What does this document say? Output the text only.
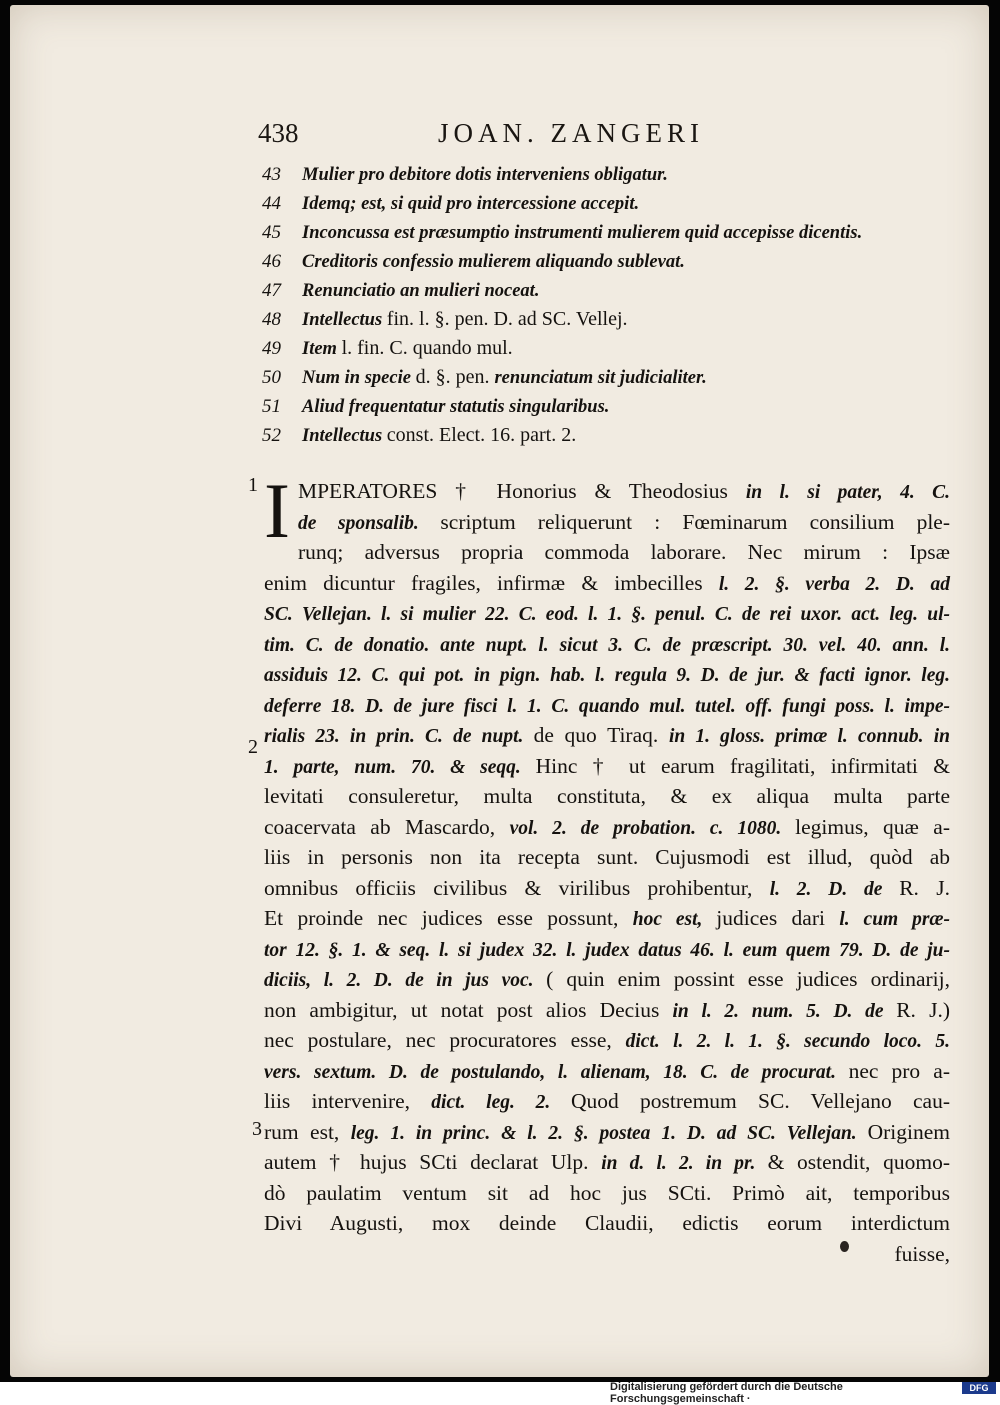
438	JOAN. ZANGERI
43 Mulier pro debitore dotis interveniens obligatur.
44 Idemq; est, si quid pro intercessione accepit.
45 Inconcussa est præsumptio instrumenti mulierem quid accepisse dicentis.
46 Creditoris confessio mulierem aliquando sublevat.
47 Renunciatio an mulieri noceat.
48 Intellectus fin. l. §. pen. D. ad SC. Vellej.
49 Item l. fin. C. quando mul.
50 Num in specie d. §. pen. renunciatum sit judicialiter.
51 Aliud frequentatur statutis singularibus.
52 Intellectus const. Elect. 16. part. 2.
1
2
3
I MPERATORES † Honorius & Theodosius in l. si pater, 4. C.
de sponsalib. scriptum reliquerunt : Fœminarum consilium ple-
runq; adversus propria commoda laborare. Nec mirum : Ipsæ
enim dicuntur fragiles, infirmæ & imbecilles l. 2. §. verba 2. D. ad
SC. Vellejan. l. si mulier 22. C. eod. l. 1. §. penul. C. de rei uxor. act. leg. ul-
tim. C. de donatio. ante nupt. l. sicut 3. C. de præscript. 30. vel. 40. ann. l.
assiduis 12. C. qui pot. in pign. hab. l. regula 9. D. de jur. & facti ignor. leg.
deferre 18. D. de jure fisci l. 1. C. quando mul. tutel. off. fungi poss. l. impe-
rialis 23. in prin. C. de nupt. de quo Tiraq. in 1. gloss. primæ l. connub. in
1. parte, num. 70. & seqq. Hinc † ut earum fragilitati, infirmitati &
levitati consuleretur, multa constituta, & ex aliqua multa parte
coacervata ab Mascardo, vol. 2. de probation. c. 1080. legimus, quæ a-
liis in personis non ita recepta sunt. Cujusmodi est illud, quòd ab
omnibus officiis civilibus & virilibus prohibentur, l. 2. D. de R. J.
Et proinde nec judices esse possunt, hoc est, judices dari l. cum præ-
tor 12. §. 1. & seq. l. si judex 32. l. judex datus 46. l. eum quem 79. D. de ju-
diciis, l. 2. D. de in jus voc. ( quin enim possint esse judices ordinarij,
non ambigitur, ut notat post alios Decius in l. 2. num. 5. D. de R. J.)
nec postulare, nec procuratores esse, dict. l. 2. l. 1. §. secundo loco. 5.
vers. sextum. D. de postulando, l. alienam, 18. C. de procurat. nec pro a-
liis intervenire, dict. leg. 2. Quod postremum SC. Vellejano cau-
rum est, leg. 1. in princ. & l. 2. §. postea 1. D. ad SC. Vellejan. Originem
autem † hujus SCti declarat Ulp. in d. l. 2. in pr. & ostendit, quomo-
dò paulatim ventum sit ad hoc jus SCti. Primò ait, temporibus
Divi Augusti, mox deinde Claudii, edictis eorum interdictum
fuisse,
Digitalisierung gefördert durch die Deutsche Forschungsgemeinschaft ·
DFG
